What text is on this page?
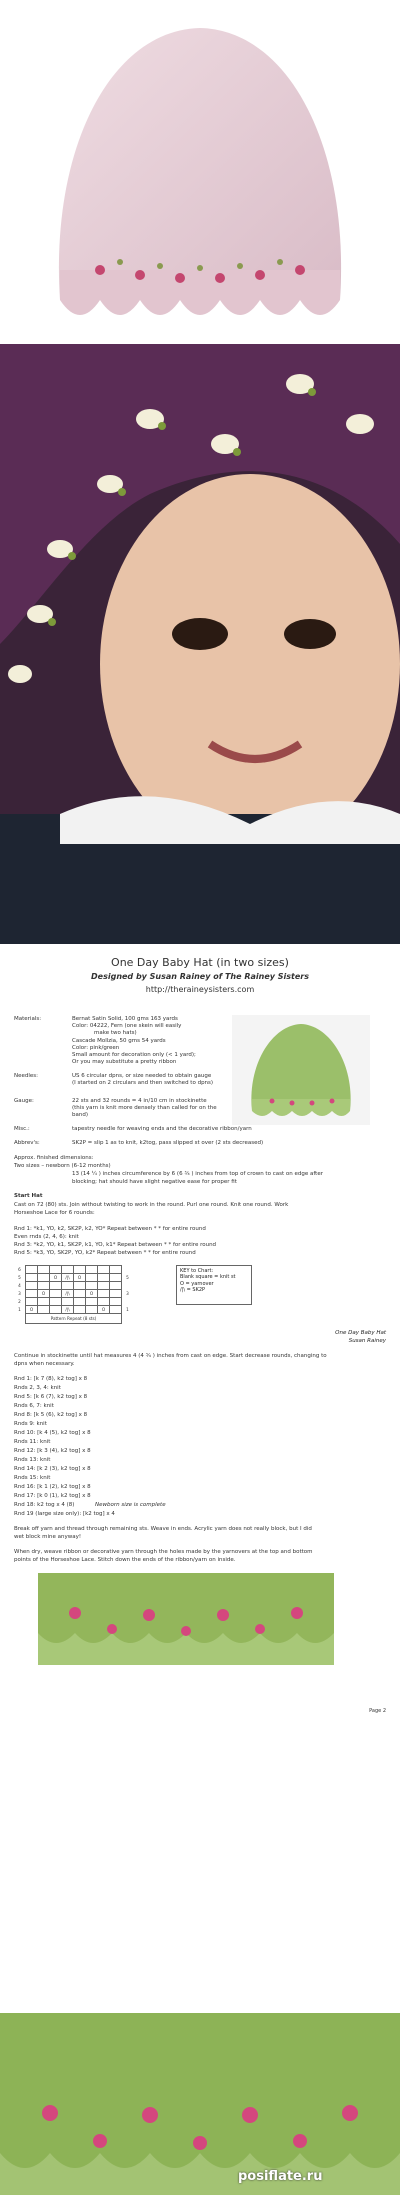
One Day Baby Hat (in two sizes)
Designed by Susan Rainey of The Rainey Sisters
http://theraineysisters.com
Materials:	Bernat Satin Solid, 100 gms 163 yards
Color: 04222, Fern (one skein will easily
make two hats)
Cascade Mollzia, 50 gms 54 yards
Color: pink/green
Small amount for decoration only (< 1 yard);
Or you may substitute a pretty ribbon
Needles:	US 6 circular dpns, or size needed to obtain gauge
(I started on 2 circulars and then switched to dpns)
Gauge:	22 sts and 32 rounds = 4 in/10 cm in stockinette
(this yarn is knit more densely than called for on the band)
Misc.:	tapestry needle for weaving ends and the decorative ribbon/yarn
Abbrev's:	SK2P = slip 1 as to knit, k2tog, pass slipped st over (2 sts decreased)
Approx. finished dimensions:
Two sizes – newborn (6-12 months)
13 (14 ¼ ) inches circumference by 6 (6 ¾ ) inches from top of crown to cast on edge after
blocking; hat should have slight negative ease for proper fit
Start Hat
Cast on 72 (80) sts. Join without twisting to work in the round. Purl one round. Knit one round. Work
Horseshoe Lace for 6 rounds:
Rnd 1: *k1, YO, k2, SK2P, k2, YO* Repeat between * * for entire round
Even rnds (2, 4, 6): knit
Rnd 3: *k2, YO, k1, SK2P, k1, YO, k1* Repeat between * * for entire round
Rnd 5: *k3, YO, SK2P, YO, k2* Repeat between * * for entire round
6									
5			O	/|\	O				5
4									
3		O		/|\		O			3
2									
1	O			/|\			O		1
	Pattern Repeat (8 sts)								
KEY to Chart:
Blank square = knit st
O = yarnover
/|\ = SK2P
One Day Baby Hat
Susan Rainey
Continue in stockinette until hat measures 4 (4 ¾ ) inches from cast on edge. Start decrease rounds, changing to
dpns when necessary.
Rnd 1: [k 7 (8), k2 tog] x 8
Rnds 2, 3, 4: knit
Rnd 5: [k 6 (7), k2 tog] x 8
Rnds 6, 7: knit
Rnd 8: [k 5 (6), k2 tog] x 8
Rnds 9: knit
Rnd 10: [k 4 (5), k2 tog] x 8
Rnds 11: knit
Rnd 12: [k 3 (4), k2 tog] x 8
Rnds 13: knit
Rnd 14: [k 2 (3), k2 tog] x 8
Rnds 15: knit
Rnd 16: [k 1 (2), k2 tog] x 8
Rnd 17: [k 0 (1), k2 tog] x 8
Rnd 18: k2 tog x 4 (8)	Newborn size is complete
Rnd 19 (large size only): [k2 tog] x 4
Break off yarn and thread through remaining sts. Weave in ends. Acrylic yarn does not really block, but I did
wet block mine anyway!
When dry, weave ribbon or decorative yarn through the holes made by the yarnovers at the top and bottom
points of the Horseshoe Lace. Stitch down the ends of the ribbon/yarn on inside.
Page 2
posiflate.ru
